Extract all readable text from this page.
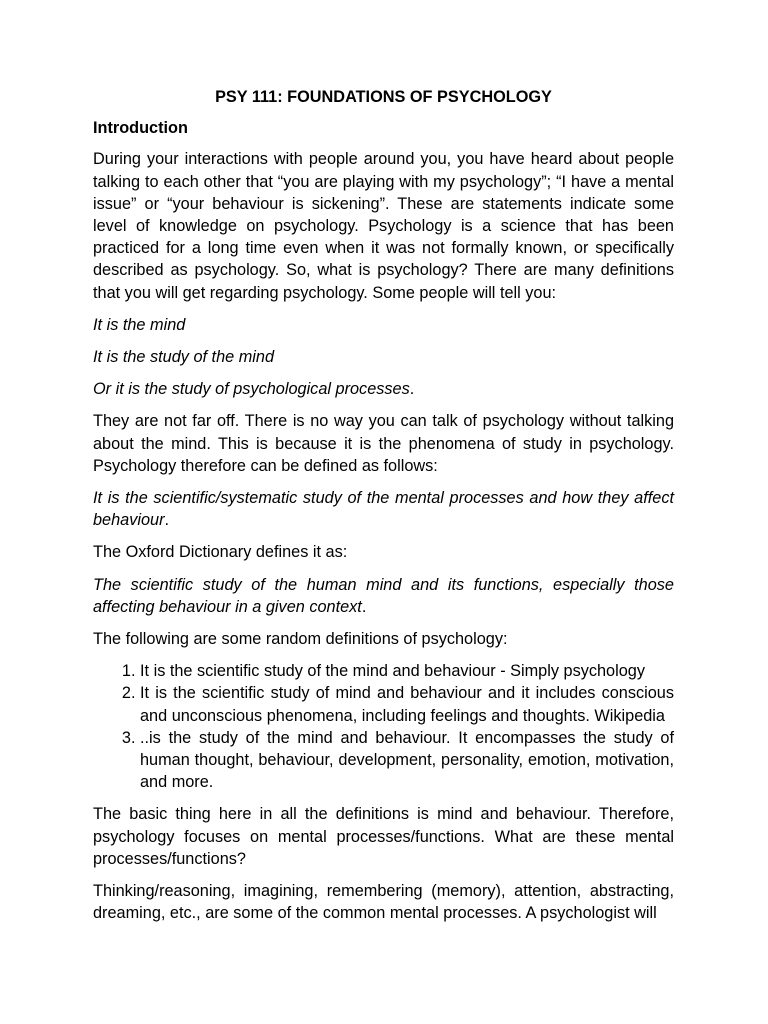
PSY 111: FOUNDATIONS OF PSYCHOLOGY

Introduction

During your interactions with people around you, you have heard about people talking to each other that “you are playing with my psychology”; “I have a mental issue” or “your behaviour is sickening”. These are statements indicate some level of knowledge on psychology. Psychology is a science that has been practiced for a long time even when it was not formally known, or specifically described as psychology. So, what is psychology? There are many definitions that you will get regarding psychology. Some people will tell you:

It is the mind

It is the study of the mind

Or it is the study of psychological processes.

They are not far off. There is no way you can talk of psychology without talking about the mind. This is because it is the phenomena of study in psychology. Psychology therefore can be defined as follows:

It is the scientific/systematic study of the mental processes and how they affect behaviour.

The Oxford Dictionary defines it as:

The scientific study of the human mind and its functions, especially those affecting behaviour in a given context.

The following are some random definitions of psychology:

1. It is the scientific study of the mind and behaviour - Simply psychology
2. It is the scientific study of mind and behaviour and it includes conscious and unconscious phenomena, including feelings and thoughts. Wikipedia
3. ..is the study of the mind and behaviour. It encompasses the study of human thought, behaviour, development, personality, emotion, motivation, and more.

The basic thing here in all the definitions is mind and behaviour. Therefore, psychology focuses on mental processes/functions. What are these mental processes/functions?

Thinking/reasoning, imagining, remembering (memory), attention, abstracting, dreaming, etc., are some of the common mental processes. A psychologist will
